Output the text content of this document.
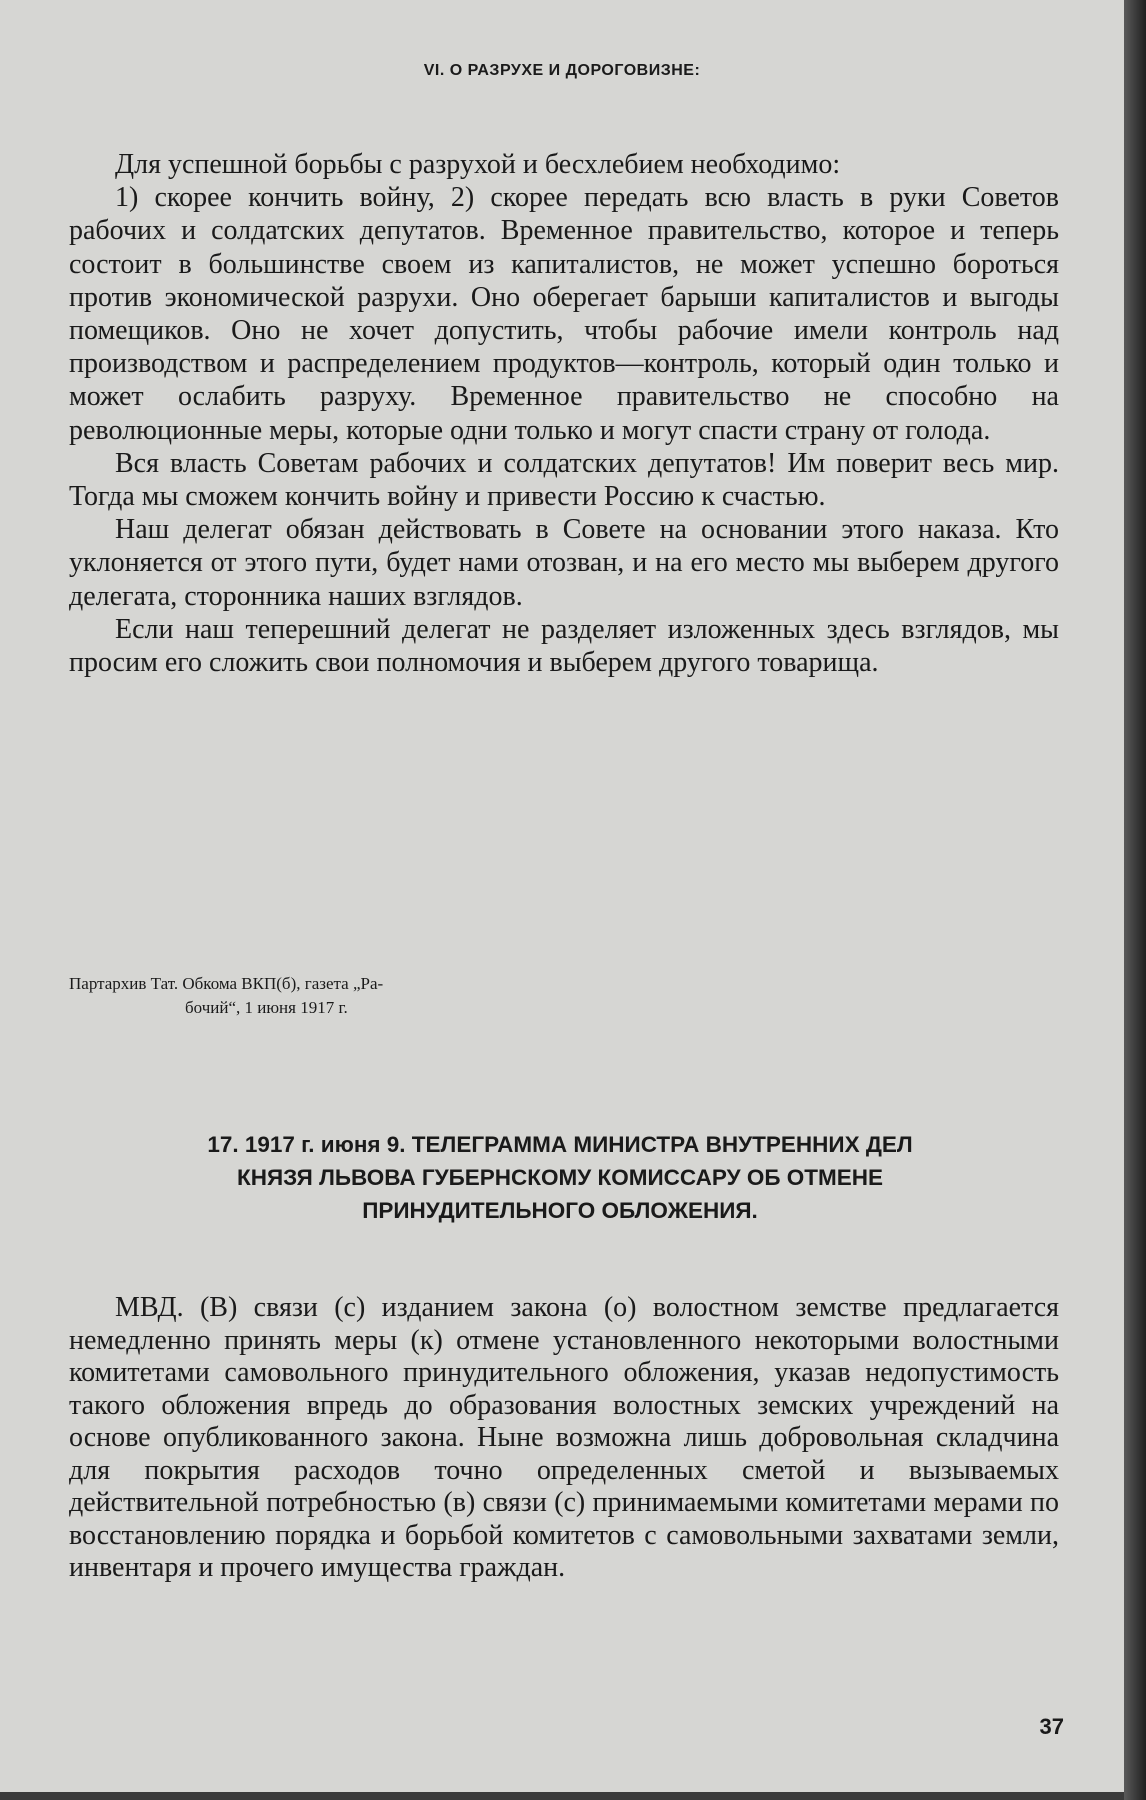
VI. О РАЗРУХЕ И ДОРОГОВИЗНЕ:

Для успешной борьбы с разрухой и бесхлебием необходимо:

1) скорее кончить войну, 2) скорее передать всю власть в руки Советов рабочих и солдатских депутатов. Временное правительство, которое и теперь состоит в большинстве своем из капиталистов, не может успешно бороться против экономической разрухи. Оно оберегает барыши капиталистов и выгоды помещиков. Оно не хочет допустить, чтобы рабочие имели контроль над производством и распределением продуктов—контроль, который один только и может ослабить разруху. Временное правительство не способно на революционные меры, которые одни только и могут спасти страну от голода.

Вся власть Советам рабочих и солдатских депутатов! Им поверит весь мир. Тогда мы сможем кончить войну и привести Россию к счастью.

Наш делегат обязан действовать в Совете на основании этого наказа. Кто уклоняется от этого пути, будет нами отозван, и на его место мы выберем другого делегата, сторонника наших взглядов.

Если наш теперешний делегат не разделяет изложенных здесь взглядов, мы просим его сложить свои полномочия и выберем другого товарища.

Партархив Тат. Обкома ВКП(б), газета „Ра-
бочий“, 1 июня 1917 г.
17. 1917 г. июня 9. ТЕЛЕГРАММА МИНИСТРА ВНУТРЕННИХ ДЕЛ
КНЯЗЯ ЛЬВОВА ГУБЕРНСКОМУ КОМИССАРУ ОБ ОТМЕНЕ
ПРИНУДИТЕЛЬНОГО ОБЛОЖЕНИЯ.

МВД. (В) связи (с) изданием закона (о) волостном земстве предлагается немедленно принять меры (к) отмене установленного некоторыми волостными комитетами самовольного принудительного обложения, указав недопустимость такого обложения впредь до образования волостных земских учреждений на основе опубликованного закона. Ныне возможна лишь добровольная складчина для покрытия расходов точно определенных сметой и вызываемых действительной потребностью (в) связи (с) принимаемыми комитетами мерами по восстановлению порядка и борьбой комитетов с самовольными захватами земли, инвентаря и прочего имущества граждан.

37
